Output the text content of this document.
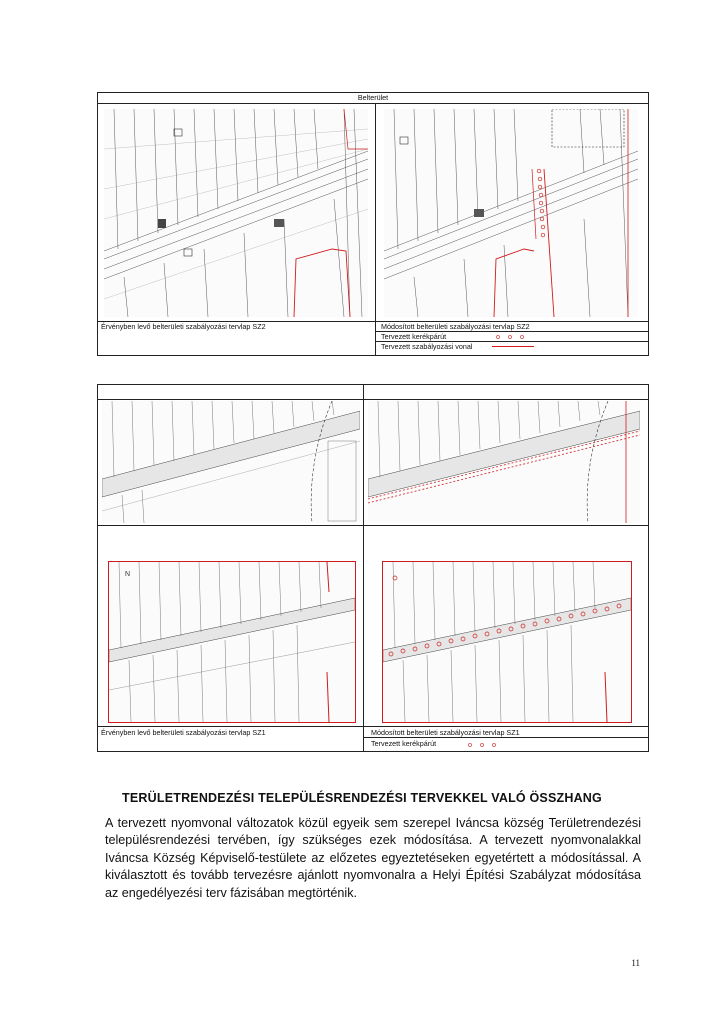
Belterület
Érvényben levő belterületi szabályozási tervlap SZ2	Módosított belterületi szabályozási tervlap SZ2
Tervezett kerékpárút	o o o
Tervezett szabályozási vonal
N
Érvényben levő belterületi szabályozási tervlap SZ1	Módosított belterületi szabályozási tervlap SZ1
Tervezett kerékpárút	o o o
TERÜLETRENDEZÉSI TELEPÜLÉSRENDEZÉSI TERVEKKEL VALÓ ÖSSZHANG
A tervezett nyomvonal változatok közül egyeik sem szerepel Iváncsa község Területrendezési településrendezési tervében, így szükséges ezek módosítása. A tervezett nyomvonalakkal Iváncsa Község Képviselő-testülete az előzetes egyeztetéseken egyetértett a módosítással. A kiválasztott és tovább tervezésre ajánlott nyomvonalra a Helyi Építési Szabályzat módosítása az engedélyezési terv fázisában megtörténik.
11
